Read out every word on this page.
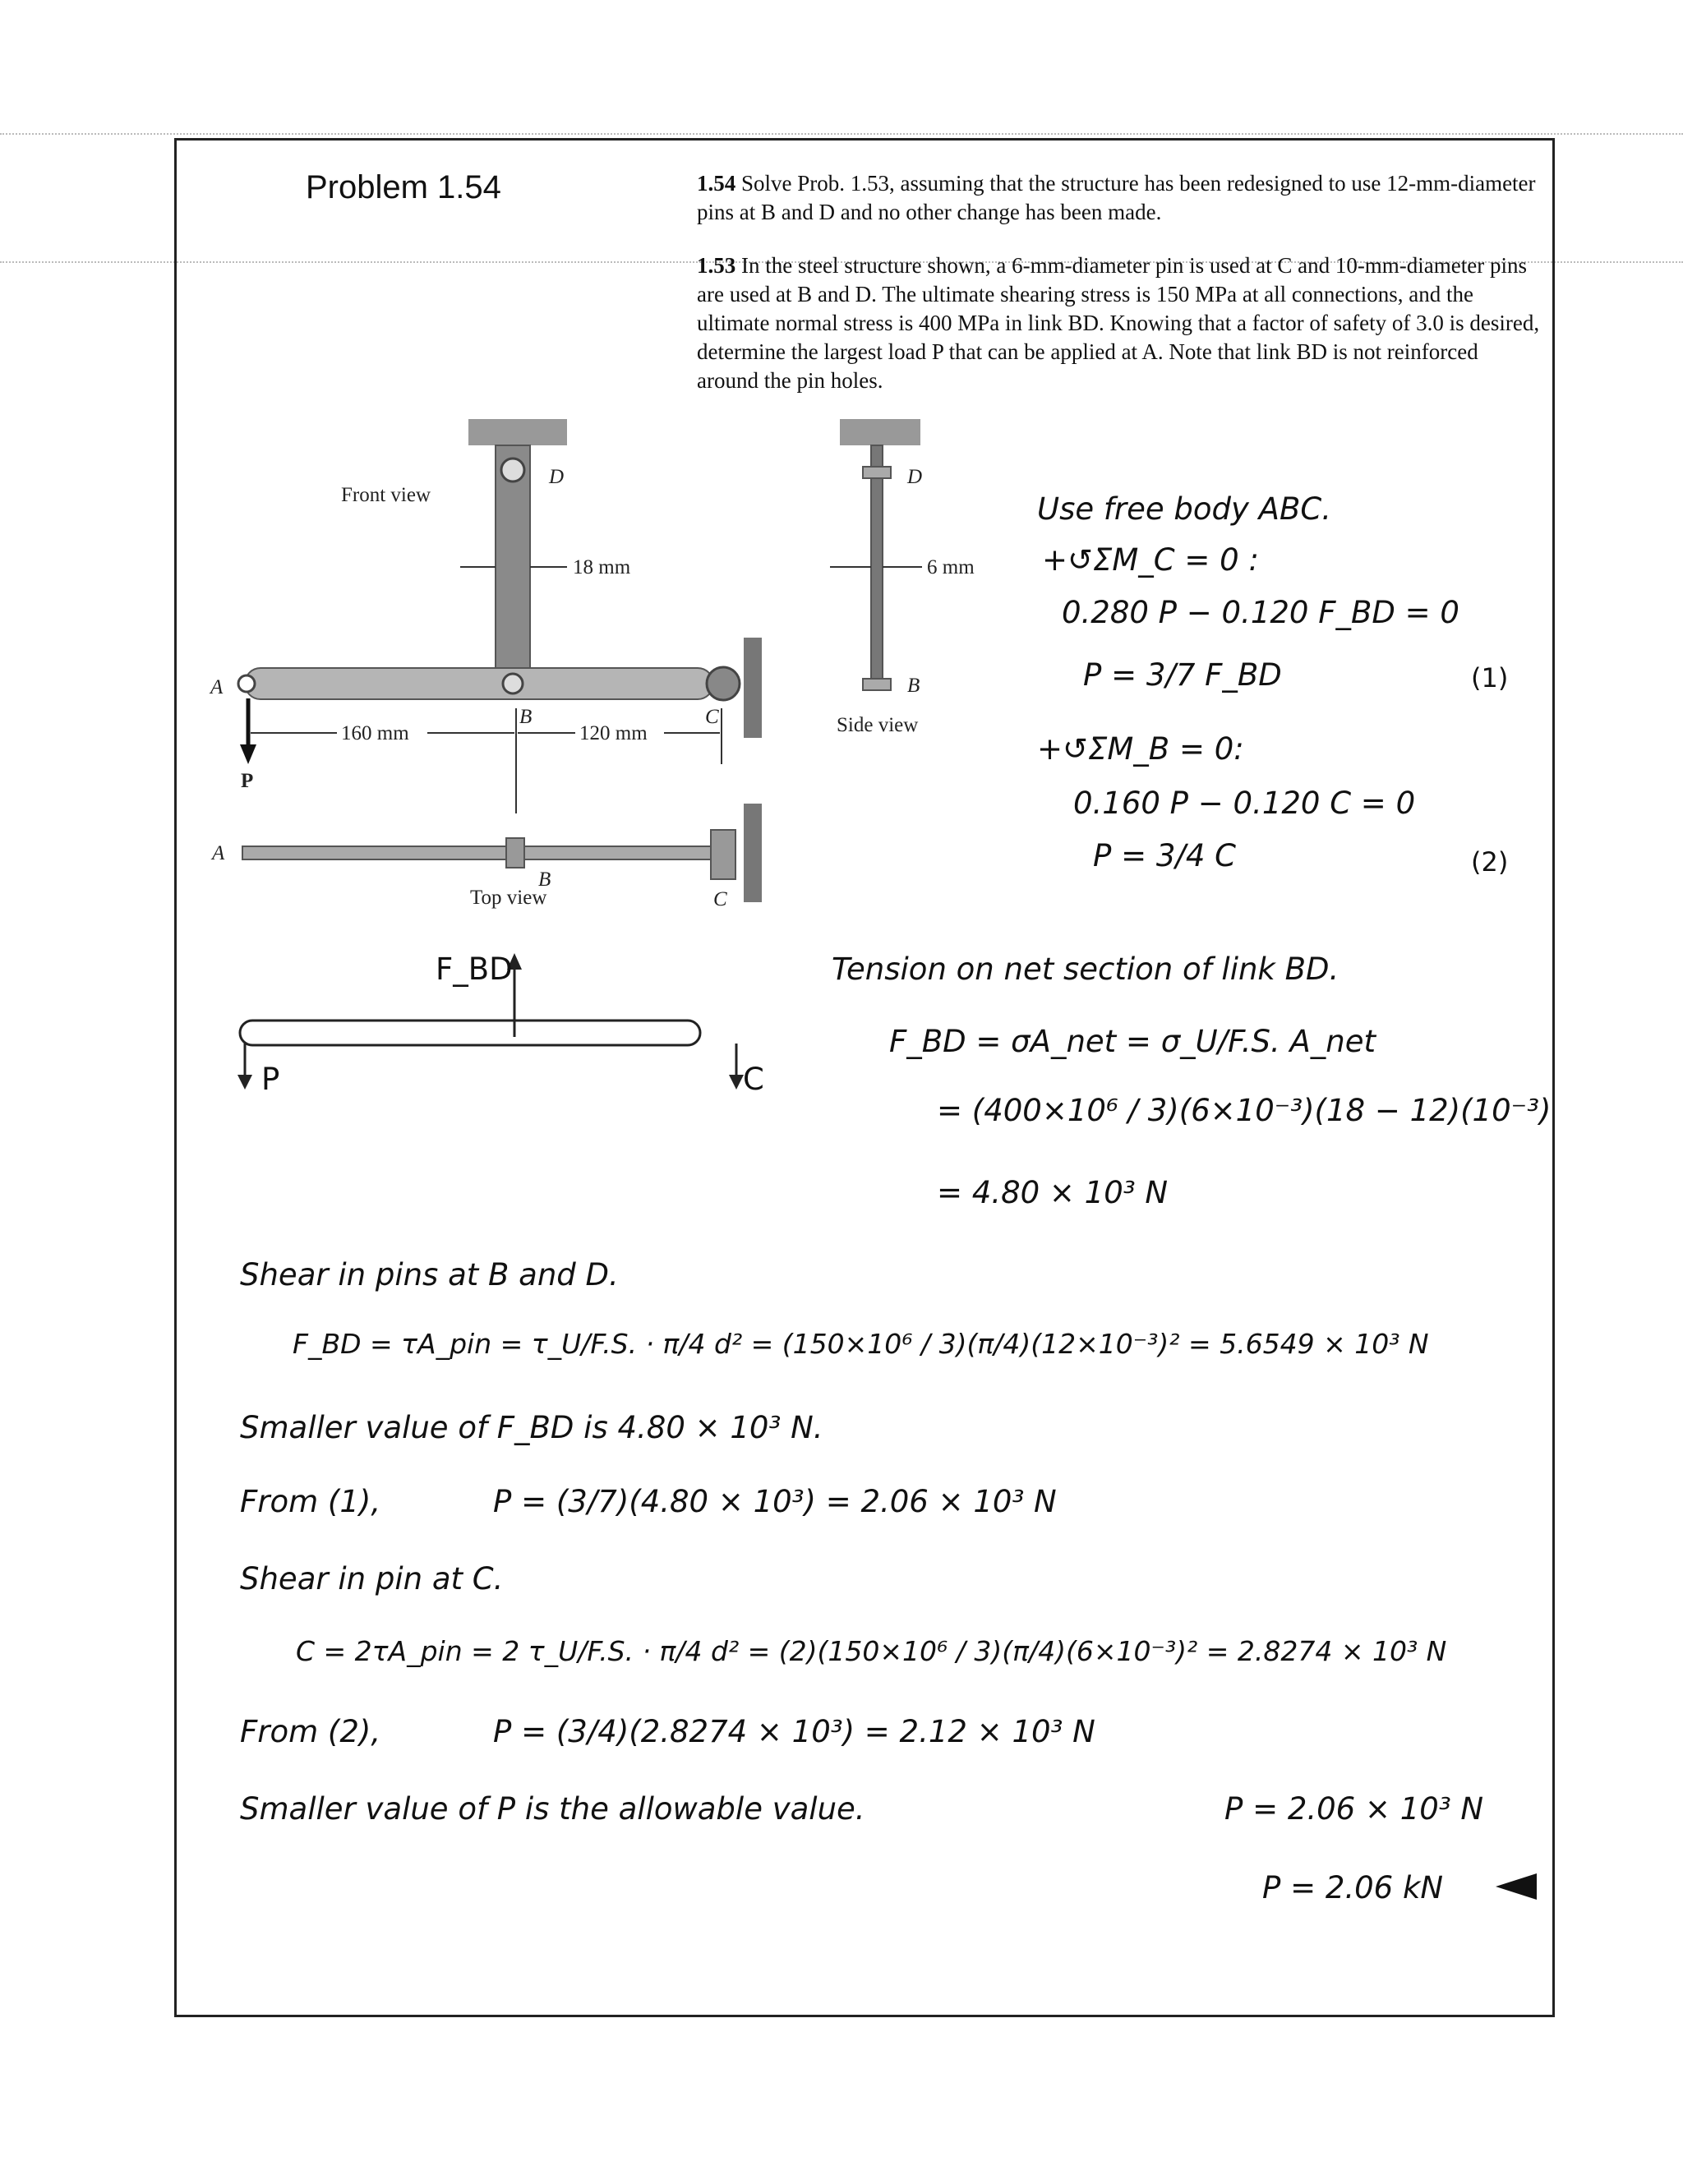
Problem 1.54	1.54 Solve Prob. 1.53, assuming that the structure has been redesigned to use 12-mm-diameter pins at B and D and no other change has been made.
1.53 In the steel structure shown, a 6-mm-diameter pin is used at C and 10-mm-diameter pins are used at B and D. The ultimate shearing stress is 150 MPa at all connections, and the ultimate normal stress is 400 MPa in link BD. Knowing that a factor of safety of 3.0 is desired, determine the largest load P that can be applied at A. Note that link BD is not reinforced around the pin holes.
Front view
D
18 mm
A
P
B	C
160 mm	120 mm
A
B
C
Top view
D
B
6 mm
Side view
F_BD
P	C
Use free body ABC.
+↺ΣM_C = 0 :
0.280 P − 0.120 F_BD = 0
P = 3/7 F_BD	(1)
+↺ΣM_B = 0:
0.160 P − 0.120 C = 0
P = 3/4 C	(2)
Tension on net section of link BD.
F_BD = σA_net = σ_U/F.S. A_net
= (400×10⁶ / 3)(6×10⁻³)(18 − 12)(10⁻³)
= 4.80 × 10³ N
Shear in pins at B and D.
F_BD = τA_pin = τ_U/F.S. · π/4 d² = (150×10⁶ / 3)(π/4)(12×10⁻³)² = 5.6549 × 10³ N
Smaller value of F_BD is 4.80 × 10³ N.
From (1),	P = (3/7)(4.80 × 10³) = 2.06 × 10³ N
Shear in pin at C.
C = 2τA_pin = 2 τ_U/F.S. · π/4 d² = (2)(150×10⁶ / 3)(π/4)(6×10⁻³)² = 2.8274 × 10³ N
From (2),	P = (3/4)(2.8274 × 10³) = 2.12 × 10³ N
Smaller value of P is the allowable value.	P = 2.06 × 10³ N
P = 2.06 kN
